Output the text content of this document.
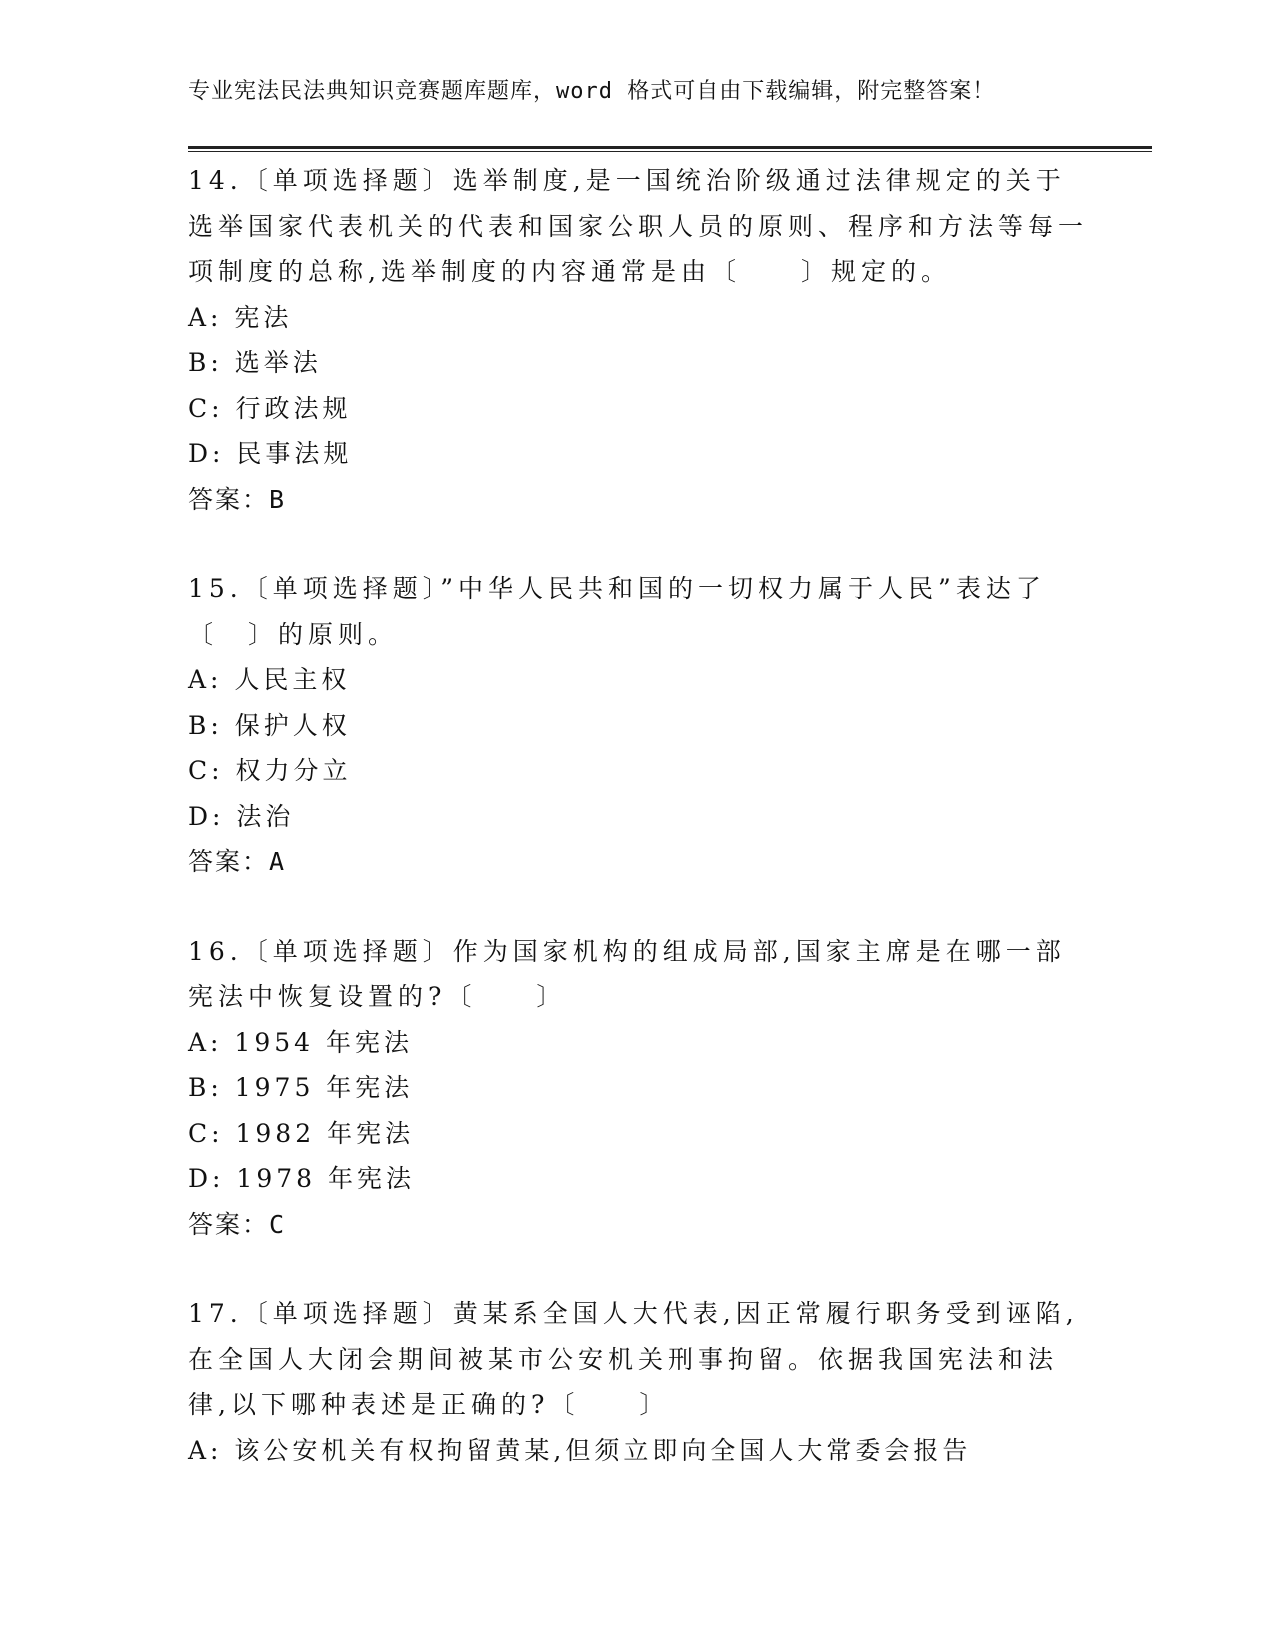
专业宪法民法典知识竞赛题库题库，word 格式可自由下载编辑，附完整答案！

14.〔单项选择题〕选举制度,是一国统治阶级通过法律规定的关于选举国家代表机关的代表和国家公职人员的原则、程序和方法等每一项制度的总称,选举制度的内容通常是由〔　　〕规定的。

A: 宪法

B: 选举法

C: 行政法规

D: 民事法规

答案：B

15.〔单项选择题〕”中华人民共和国的一切权力属于人民”表达了〔　〕的原则。

A: 人民主权

B: 保护人权

C: 权力分立

D: 法治

答案：A

16.〔单项选择题〕作为国家机构的组成局部,国家主席是在哪一部宪法中恢复设置的?〔　　〕

A: 1954 年宪法

B: 1975 年宪法

C: 1982 年宪法

D: 1978 年宪法

答案：C

17.〔单项选择题〕黄某系全国人大代表,因正常履行职务受到诬陷,在全国人大闭会期间被某市公安机关刑事拘留。依据我国宪法和法律,以下哪种表述是正确的?〔　　〕

A: 该公安机关有权拘留黄某,但须立即向全国人大常委会报告
